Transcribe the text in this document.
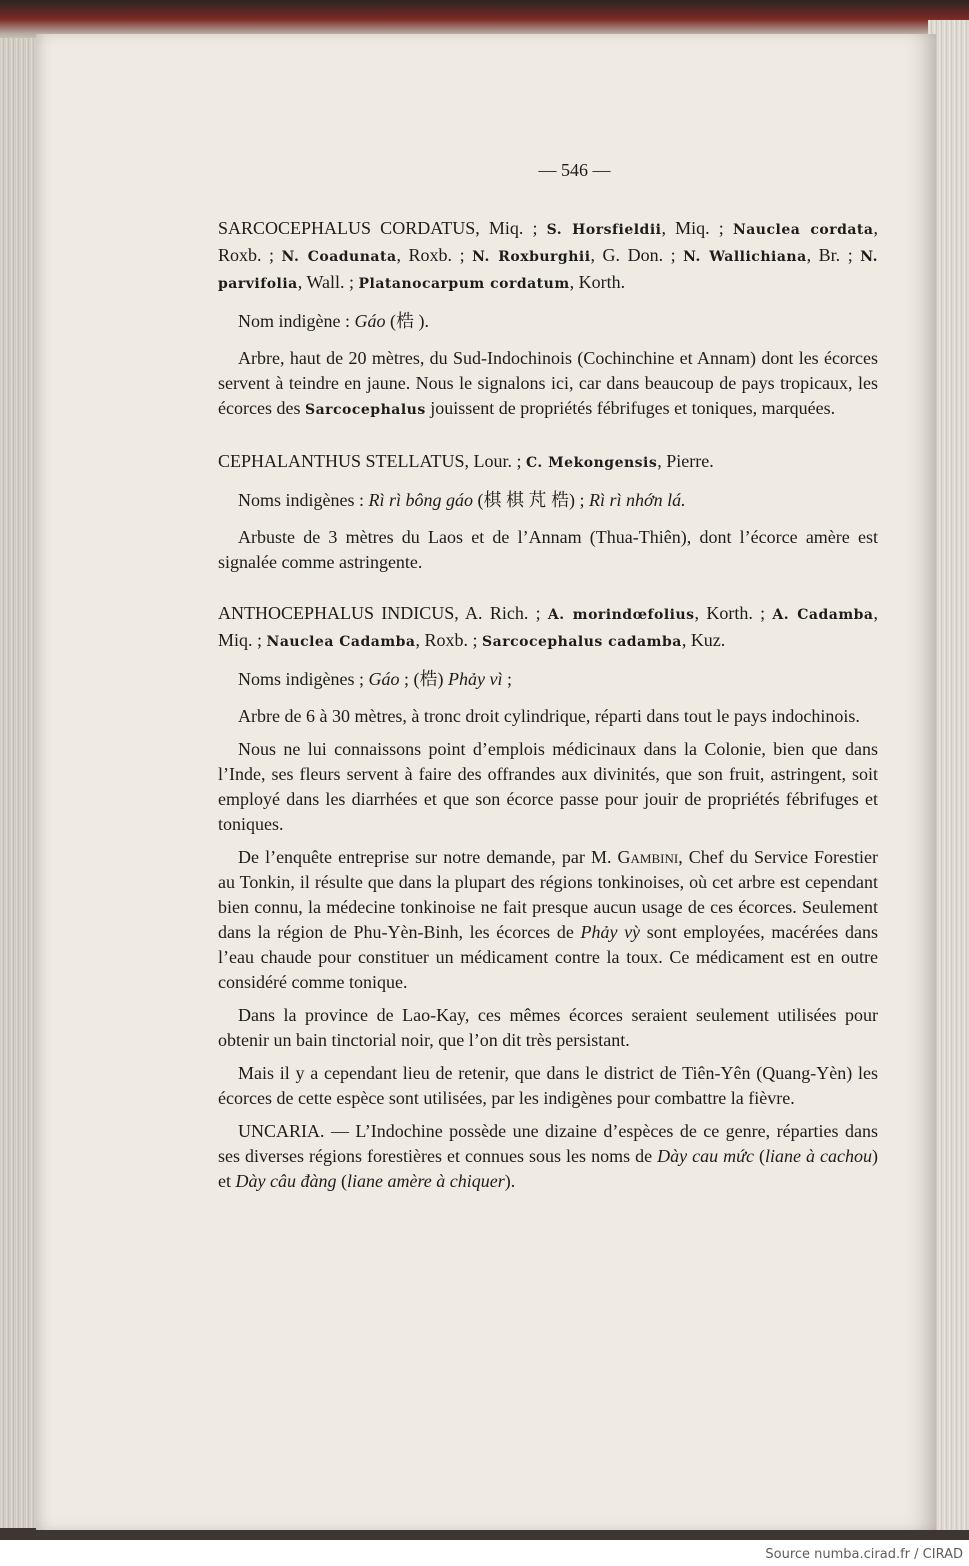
— 546 —
SARCOCEPHALUS CORDATUS, Miq. ; S. Horsfieldii, Miq. ; Nauclea cordata, Roxb. ; N. Coadunata, Roxb. ; N. Roxburghii, G. Don. ; N. Wallichiana, Br. ; N. parvifolia, Wall. ; Platanocarpum cordatum, Korth.
Nom indigène : Gáo (梏 ).

Arbre, haut de 20 mètres, du Sud-Indochinois (Cochinchine et Annam) dont les écorces servent à teindre en jaune. Nous le signalons ici, car dans beaucoup de pays tropicaux, les écorces des Sarcocephalus jouissent de propriétés fébrifuges et toniques, marquées.

CEPHALANTHUS STELLATUS, Lour. ; C. Mekongensis, Pierre.
Noms indigènes : Rì rì bông gáo (棋 棋 芃 梏) ; Rì rì nhớn lá.

Arbuste de 3 mètres du Laos et de l’Annam (Thua-Thiên), dont l’écorce amère est signalée comme astringente.

ANTHOCEPHALUS INDICUS, A. Rich. ; A. morindœfolius, Korth. ; A. Cadamba, Miq. ; Nauclea Cadamba, Roxb. ; Sarcocephalus cadamba, Kuz.
Noms indigènes ; Gáo ; (梏) Phảy vì ;

Arbre de 6 à 30 mètres, à tronc droit cylindrique, réparti dans tout le pays indochinois.

Nous ne lui connaissons point d’emplois médicinaux dans la Colonie, bien que dans l’Inde, ses fleurs servent à faire des offrandes aux divinités, que son fruit, astringent, soit employé dans les diarrhées et que son écorce passe pour jouir de propriétés fébrifuges et toniques.

De l’enquête entreprise sur notre demande, par M. Gambini, Chef du Service Forestier au Tonkin, il résulte que dans la plupart des régions tonkinoises, où cet arbre est cependant bien connu, la médecine tonkinoise ne fait presque aucun usage de ces écorces. Seulement dans la région de Phu-Yèn-Binh, les écorces de Phảy vỳ sont employées, macérées dans l’eau chaude pour constituer un médicament contre la toux. Ce médicament est en outre considéré comme tonique.

Dans la province de Lao-Kay, ces mêmes écorces seraient seulement utilisées pour obtenir un bain tinctorial noir, que l’on dit très persistant.

Mais il y a cependant lieu de retenir, que dans le district de Tiên-Yên (Quang-Yèn) les écorces de cette espèce sont utilisées, par les indigènes pour combattre la fièvre.

UNCARIA. — L’Indochine possède une dizaine d’espèces de ce genre, réparties dans ses diverses régions forestières et connues sous les noms de Dày cau mức (liane à cachou) et Dày câu đàng (liane amère à chiquer).

Source numba.cirad.fr / CIRAD
